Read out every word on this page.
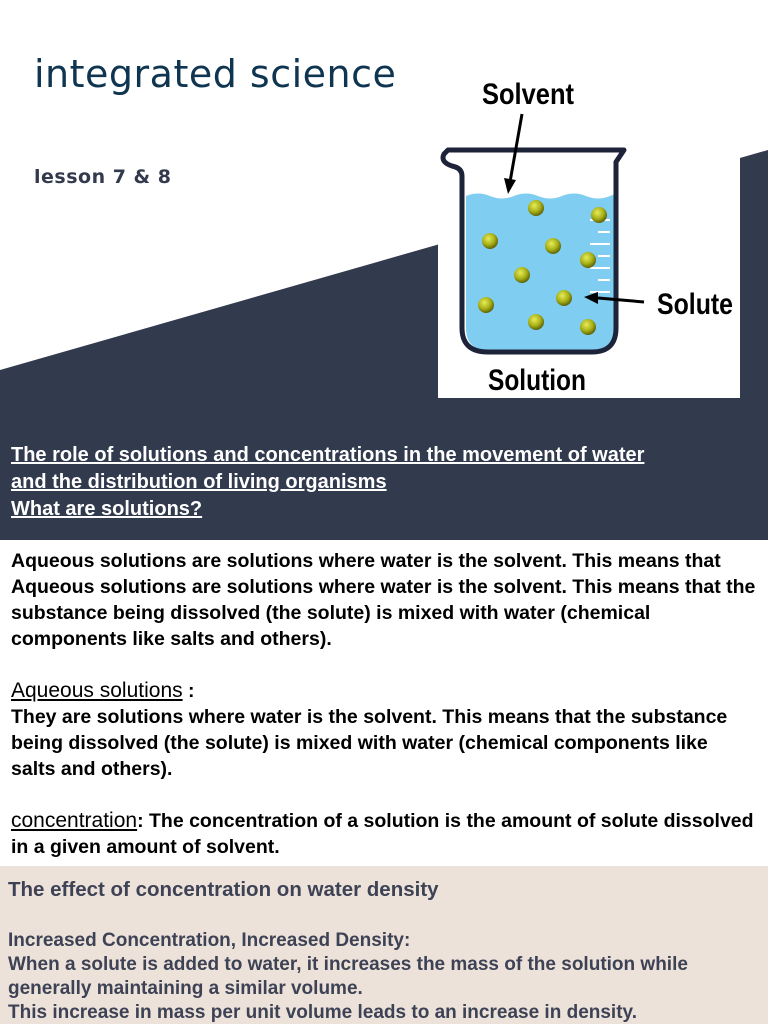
integrated science
lesson 7 & 8
Solvent
Solute
Solution
The role of solutions and concentrations in the movement of water
and the distribution of living organisms
What are solutions?

Aqueous solutions are solutions where water is the solvent. This means that Aqueous solutions are solutions where water is the solvent. This means that the substance being dissolved (the solute) is mixed with water (chemical components like salts and others).

Aqueous solutions :

They are solutions where water is the solvent. This means that the substance being dissolved (the solute) is mixed with water (chemical components like salts and others).

concentration: The concentration of a solution is the amount of solute dissolved in a given amount of solvent.

The effect of concentration on water density

Increased Concentration, Increased Density:

When a solute is added to water, it increases the mass of the solution while generally maintaining a similar volume.

This increase in mass per unit volume leads to an increase in density.
